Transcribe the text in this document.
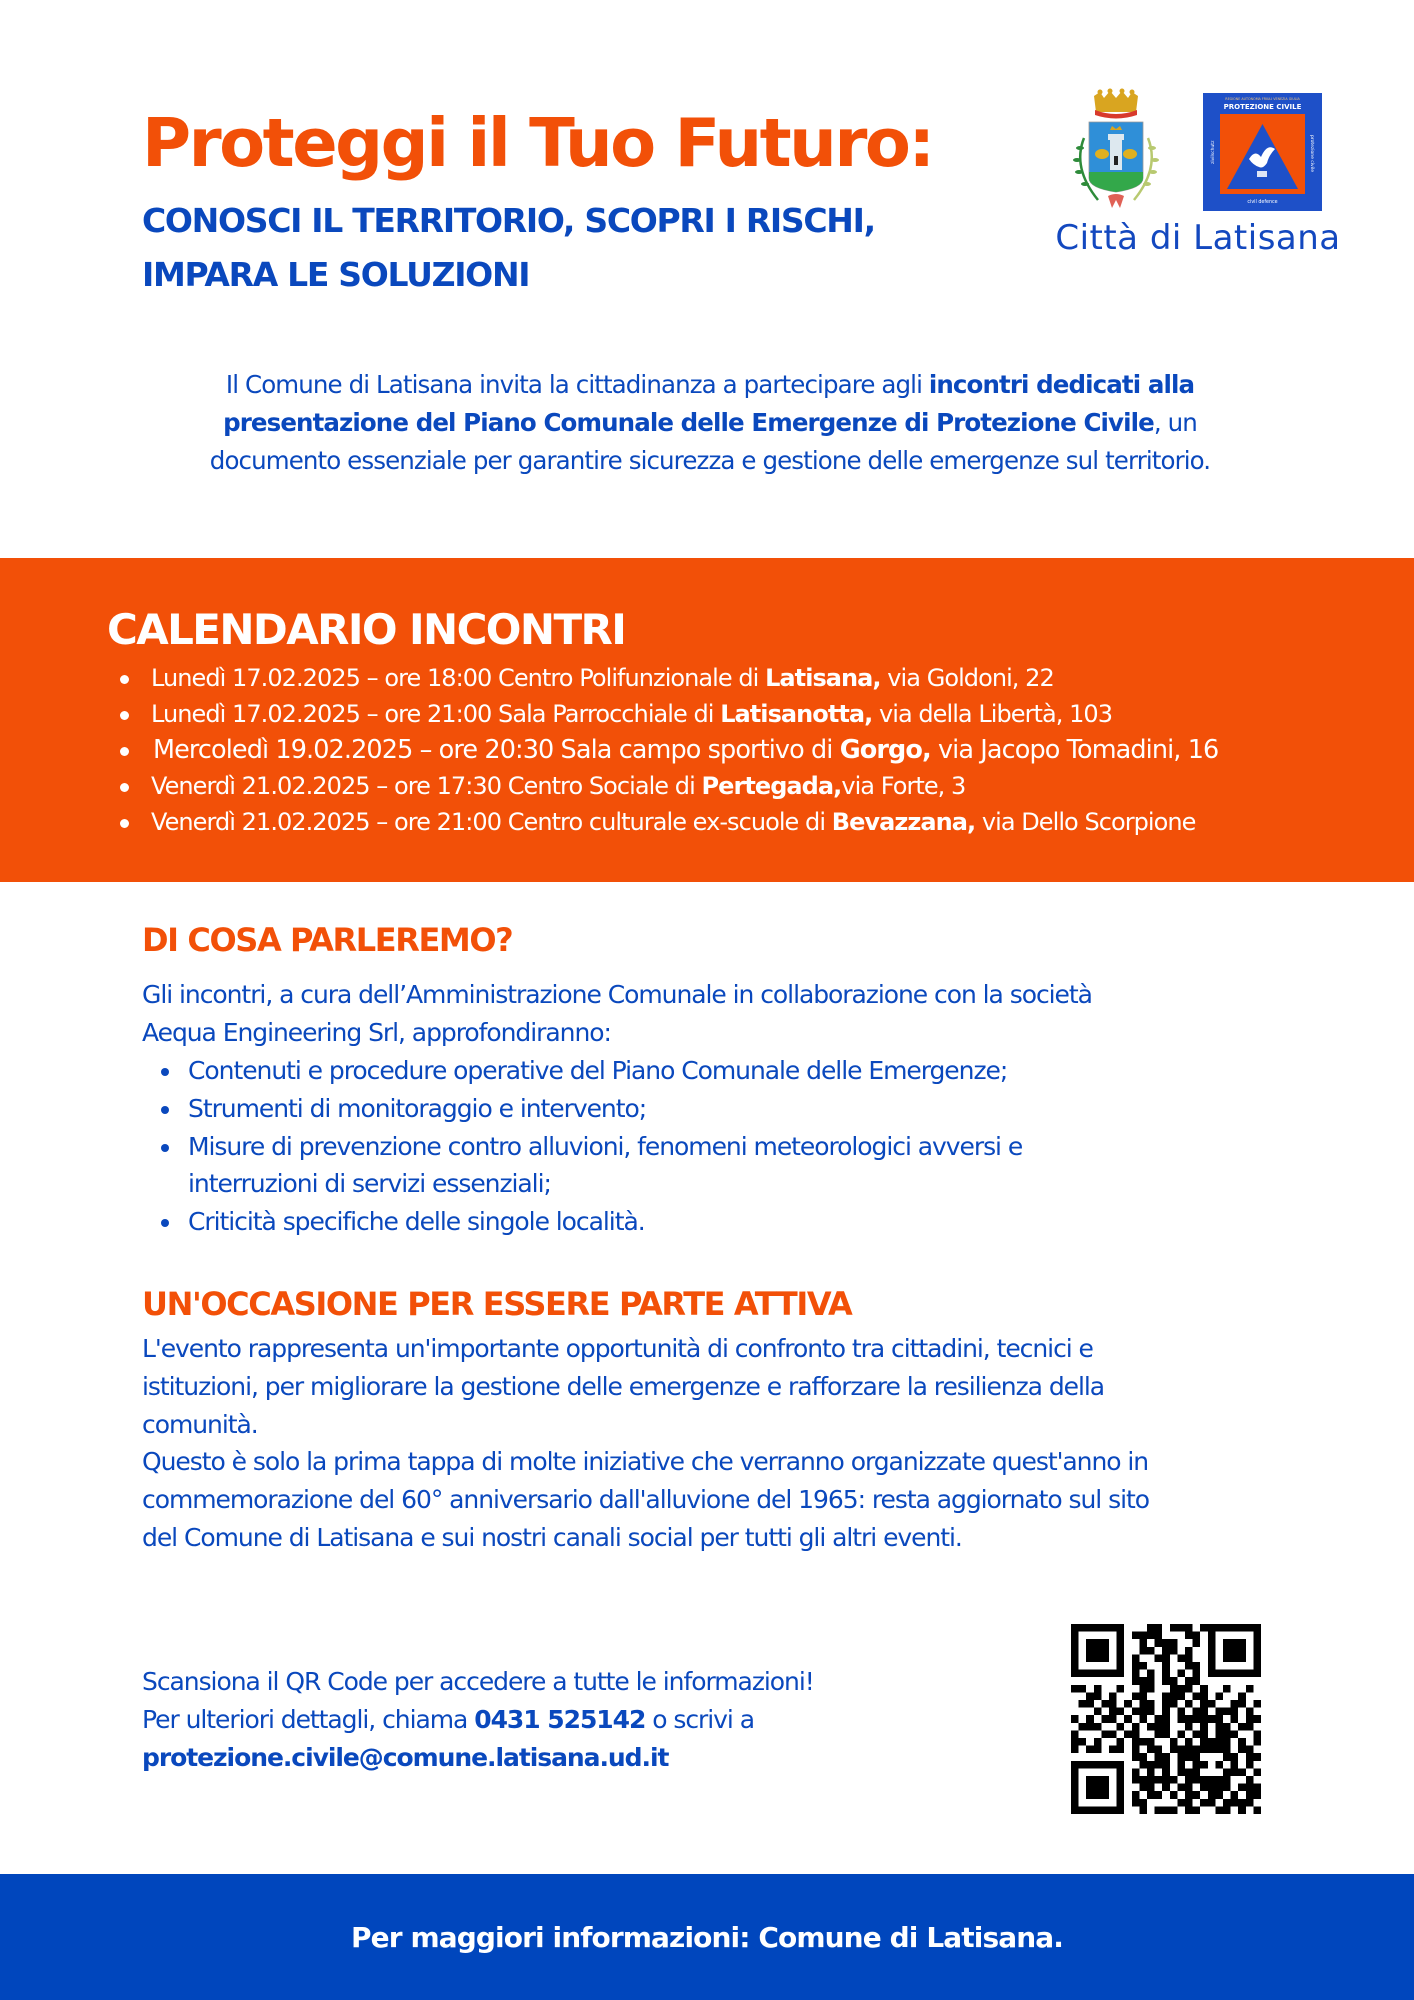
Proteggi il Tuo Futuro:
CONOSCI IL TERRITORIO, SCOPRI I RISCHI,
IMPARA LE SOLUZIONI
REGIONE AUTONOMA FRIULI VENEZIA GIULIA
PROTEZIONE CIVILE
zivilschutz	protezione civile
civil defence
Città di Latisana

Il Comune di Latisana invita la cittadinanza a partecipare agli incontri dedicati alla
presentazione del Piano Comunale delle Emergenze di Protezione Civile, un
documento essenziale per garantire sicurezza e gestione delle emergenze sul territorio.

CALENDARIO INCONTRI
Lunedì 17.02.2025 – ore 18:00 Centro Polifunzionale di Latisana, via Goldoni, 22
Lunedì 17.02.2025 – ore 21:00 Sala Parrocchiale di Latisanotta, via della Libertà, 103
Mercoledì 19.02.2025 – ore 20:30 Sala campo sportivo di Gorgo, via Jacopo Tomadini, 16
Venerdì 21.02.2025 – ore 17:30 Centro Sociale di Pertegada,via Forte, 3
Venerdì 21.02.2025 – ore 21:00 Centro culturale ex-scuole di Bevazzana, via Dello Scorpione
DI COSA PARLEREMO?

Gli incontri, a cura dell’Amministrazione Comunale in collaborazione con la società
Aequa Engineering Srl, approfondiranno:

Contenuti e procedure operative del Piano Comunale delle Emergenze;
Strumenti di monitoraggio e intervento;
Misure di prevenzione contro alluvioni, fenomeni meteorologici avversi e
interruzioni di servizi essenziali;
Criticità specifiche delle singole località.
UN'OCCASIONE PER ESSERE PARTE ATTIVA

L'evento rappresenta un'importante opportunità di confronto tra cittadini, tecnici e
istituzioni, per migliorare la gestione delle emergenze e rafforzare la resilienza della
comunità.
Questo è solo la prima tappa di molte iniziative che verranno organizzate quest'anno in
commemorazione del 60° anniversario dall'alluvione del 1965: resta aggiornato sul sito
del Comune di Latisana e sui nostri canali social per tutti gli altri eventi.

Scansiona il QR Code per accedere a tutte le informazioni!
Per ulteriori dettagli, chiama 0431 525142 o scrivi a
protezione.civile@comune.latisana.ud.it

Per maggiori informazioni: Comune di Latisana.
